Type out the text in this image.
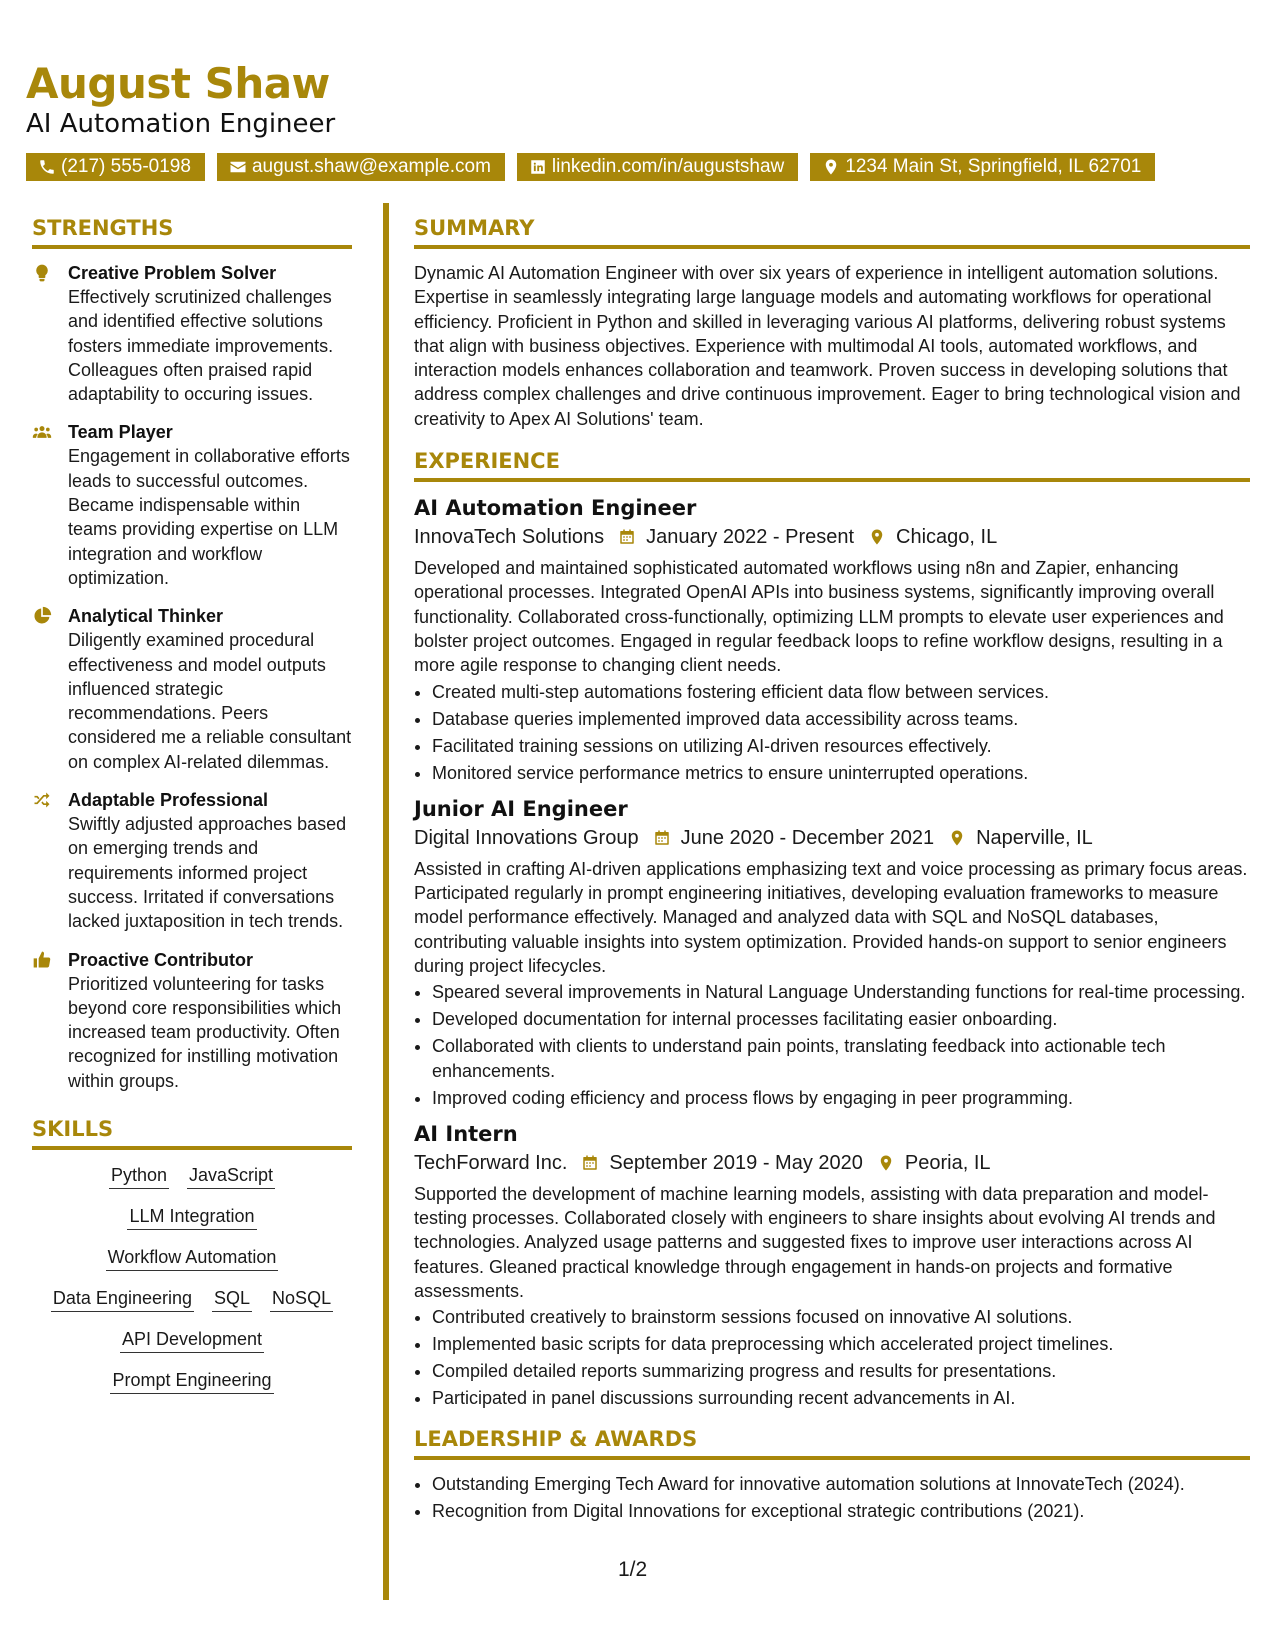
August Shaw
AI Automation Engineer
(217) 555-0198	august.shaw@example.com	linkedin.com/in/augustshaw	1234 Main St, Springfield, IL 62701
STRENGTHS
Creative Problem Solver
Effectively scrutinized challenges and identified effective solutions fosters immediate improvements. Colleagues often praised rapid adaptability to occuring issues.
Team Player
Engagement in collaborative efforts leads to successful outcomes. Became indispensable within teams providing expertise on LLM integration and workflow optimization.
Analytical Thinker
Diligently examined procedural effectiveness and model outputs influenced strategic recommendations. Peers considered me a reliable consultant on complex AI-related dilemmas.
Adaptable Professional
Swiftly adjusted approaches based on emerging trends and requirements informed project success. Irritated if conversations lacked juxtaposition in tech trends.
Proactive Contributor
Prioritized volunteering for tasks beyond core responsibilities which increased team productivity. Often recognized for instilling motivation within groups.
SKILLS
Python JavaScript
LLM Integration
Workflow Automation
Data Engineering SQL NoSQL
API Development
Prompt Engineering
SUMMARY

Dynamic AI Automation Engineer with over six years of experience in intelligent automation solutions. Expertise in seamlessly integrating large language models and automating workflows for operational efficiency. Proficient in Python and skilled in leveraging various AI platforms, delivering robust systems that align with business objectives. Experience with multimodal AI tools, automated workflows, and interaction models enhances collaboration and teamwork. Proven success in developing solutions that address complex challenges and drive continuous improvement. Eager to bring technological vision and creativity to Apex AI Solutions' team.

EXPERIENCE
AI Automation Engineer
InnovaTech Solutions January 2022 - Present Chicago, IL

Developed and maintained sophisticated automated workflows using n8n and Zapier, enhancing operational processes. Integrated OpenAI APIs into business systems, significantly improving overall functionality. Collaborated cross-functionally, optimizing LLM prompts to elevate user experiences and bolster project outcomes. Engaged in regular feedback loops to refine workflow designs, resulting in a more agile response to changing client needs.

• Created multi-step automations fostering efficient data flow between services.
• Database queries implemented improved data accessibility across teams.
• Facilitated training sessions on utilizing AI-driven resources effectively.
• Monitored service performance metrics to ensure uninterrupted operations.
Junior AI Engineer
Digital Innovations Group June 2020 - December 2021 Naperville, IL

Assisted in crafting AI-driven applications emphasizing text and voice processing as primary focus areas. Participated regularly in prompt engineering initiatives, developing evaluation frameworks to measure model performance effectively. Managed and analyzed data with SQL and NoSQL databases, contributing valuable insights into system optimization. Provided hands-on support to senior engineers during project lifecycles.

• Speared several improvements in Natural Language Understanding functions for real-time processing.
• Developed documentation for internal processes facilitating easier onboarding.
• Collaborated with clients to understand pain points, translating feedback into actionable tech enhancements.
• Improved coding efficiency and process flows by engaging in peer programming.
AI Intern
TechForward Inc. September 2019 - May 2020 Peoria, IL

Supported the development of machine learning models, assisting with data preparation and model-testing processes. Collaborated closely with engineers to share insights about evolving AI trends and technologies. Analyzed usage patterns and suggested fixes to improve user interactions across AI features. Gleaned practical knowledge through engagement in hands-on projects and formative assessments.

• Contributed creatively to brainstorm sessions focused on innovative AI solutions.
• Implemented basic scripts for data preprocessing which accelerated project timelines.
• Compiled detailed reports summarizing progress and results for presentations.
• Participated in panel discussions surrounding recent advancements in AI.
LEADERSHIP & AWARDS
• Outstanding Emerging Tech Award for innovative automation solutions at InnovateTech (2024).
• Recognition from Digital Innovations for exceptional strategic contributions (2021).
1/2
